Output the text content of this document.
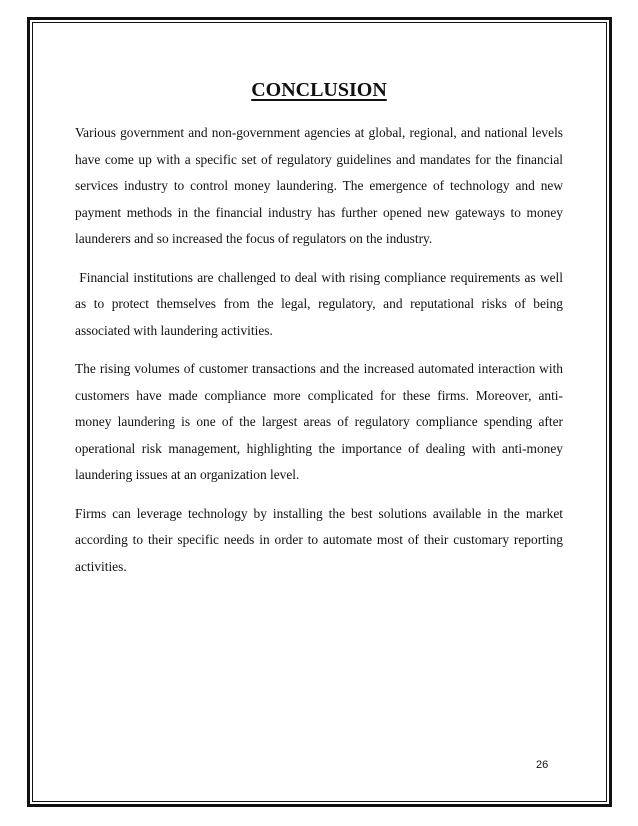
CONCLUSION

Various government and non-government agencies at global, regional, and national levels have come up with a specific set of regulatory guidelines and mandates for the financial services industry to control money laundering. The emergence of technology and new payment methods in the financial industry has further opened new gateways to money launderers and so increased the focus of regulators on the industry.

Financial institutions are challenged to deal with rising compliance requirements as well as to protect themselves from the legal, regulatory, and reputational risks of being associated with laundering activities.

The rising volumes of customer transactions and the increased automated interaction with customers have made compliance more complicated for these firms. Moreover, anti-money laundering is one of the largest areas of regulatory compliance spending after operational risk management, highlighting the importance of dealing with anti-money laundering issues at an organization level.

Firms can leverage technology by installing the best solutions available in the market according to their specific needs in order to automate most of their customary reporting activities.

26
